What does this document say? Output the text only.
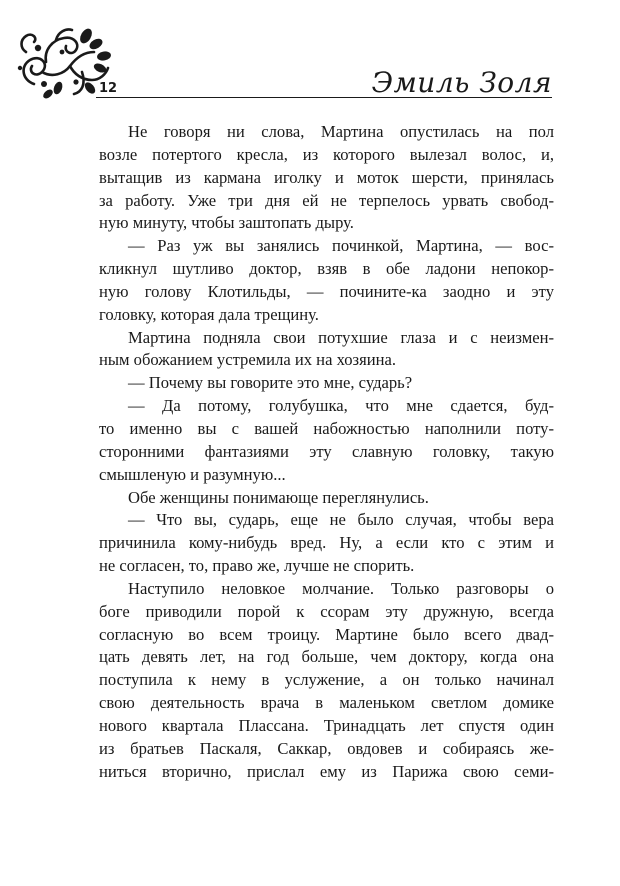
12	Эмиль Золя
Не говоря ни слова, Мартина опустилась на пол
возле потертого кресла, из которого вылезал волос, и,
вытащив из кармана иголку и моток шерсти, принялась
за работу. Уже три дня ей не терпелось урвать свобод-
ную минуту, чтобы заштопать дыру.
— Раз уж вы занялись починкой, Мартина, — вос-
кликнул шутливо доктор, взяв в обе ладони непокор-
ную голову Клотильды, — почините-ка заодно и эту
головку, которая дала трещину.
Мартина подняла свои потухшие глаза и с неизмен-
ным обожанием устремила их на хозяина.
— Почему вы говорите это мне, сударь?
— Да потому, голубушка, что мне сдается, буд-
то именно вы с вашей набожностью наполнили поту-
сторонними фантазиями эту славную головку, такую
смышленую и разумную...
Обе женщины понимающе переглянулись.
— Что вы, сударь, еще не было случая, чтобы вера
причинила кому-нибудь вред. Ну, а если кто с этим и
не согласен, то, право же, лучше не спорить.
Наступило неловкое молчание. Только разговоры о
боге приводили порой к ссорам эту дружную, всегда
согласную во всем троицу. Мартине было всего двад-
цать девять лет, на год больше, чем доктору, когда она
поступила к нему в услужение, а он только начинал
свою деятельность врача в маленьком светлом домике
нового квартала Плассана. Тринадцать лет спустя один
из братьев Паскаля, Саккар, овдовев и собираясь же-
ниться вторично, прислал ему из Парижа свою семи-
